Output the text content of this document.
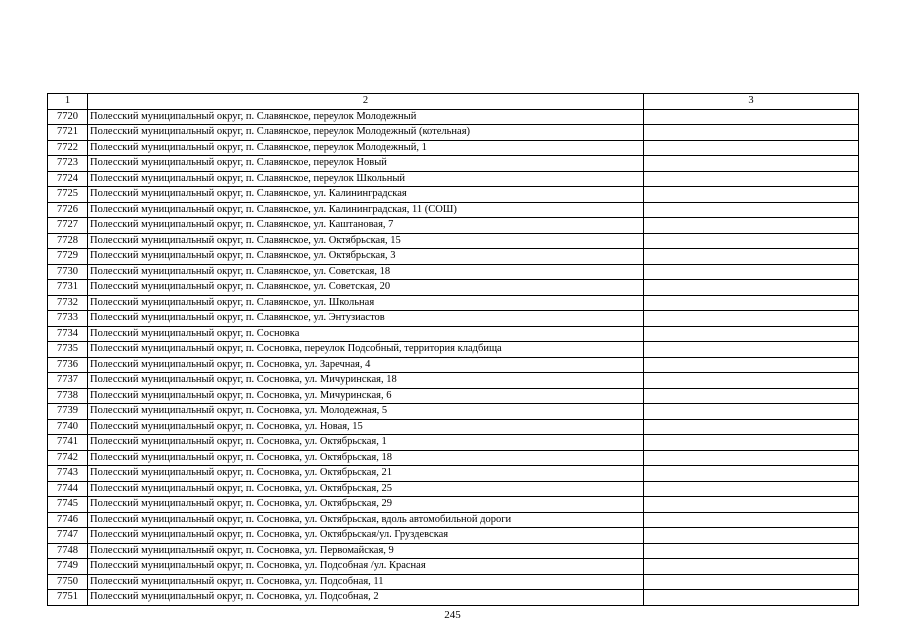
1	2	3
7720	Полесский муниципальный округ, п. Славянское, переулок Молодежный	
7721	Полесский муниципальный округ, п. Славянское, переулок Молодежный (котельная)	
7722	Полесский муниципальный округ, п. Славянское, переулок Молодежный, 1	
7723	Полесский муниципальный округ, п. Славянское, переулок Новый	
7724	Полесский муниципальный округ, п. Славянское, переулок Школьный	
7725	Полесский муниципальный округ, п. Славянское, ул. Калининградская	
7726	Полесский муниципальный округ, п. Славянское, ул. Калининградская, 11 (СОШ)	
7727	Полесский муниципальный округ, п. Славянское, ул. Каштановая, 7	
7728	Полесский муниципальный округ, п. Славянское, ул. Октябрьская, 15	
7729	Полесский муниципальный округ, п. Славянское, ул. Октябрьская, 3	
7730	Полесский муниципальный округ, п. Славянское, ул. Советская, 18	
7731	Полесский муниципальный округ, п. Славянское, ул. Советская, 20	
7732	Полесский муниципальный округ, п. Славянское, ул. Школьная	
7733	Полесский муниципальный округ, п. Славянское, ул. Энтузиастов	
7734	Полесский муниципальный округ, п. Сосновка	
7735	Полесский муниципальный округ, п. Сосновка, переулок Подсобный, территория кладбища	
7736	Полесский муниципальный округ, п. Сосновка, ул. Заречная, 4	
7737	Полесский муниципальный округ, п. Сосновка, ул. Мичуринская, 18	
7738	Полесский муниципальный округ, п. Сосновка, ул. Мичуринская, 6	
7739	Полесский муниципальный округ, п. Сосновка, ул. Молодежная, 5	
7740	Полесский муниципальный округ, п. Сосновка, ул. Новая, 15	
7741	Полесский муниципальный округ, п. Сосновка, ул. Октябрьская, 1	
7742	Полесский муниципальный округ, п. Сосновка, ул. Октябрьская, 18	
7743	Полесский муниципальный округ, п. Сосновка, ул. Октябрьская, 21	
7744	Полесский муниципальный округ, п. Сосновка, ул. Октябрьская, 25	
7745	Полесский муниципальный округ, п. Сосновка, ул. Октябрьская, 29	
7746	Полесский муниципальный округ, п. Сосновка, ул. Октябрьская, вдоль автомобильной дороги	
7747	Полесский муниципальный округ, п. Сосновка, ул. Октябрьская/ул. Груздевская	
7748	Полесский муниципальный округ, п. Сосновка, ул. Первомайская, 9	
7749	Полесский муниципальный округ, п. Сосновка, ул. Подсобная /ул. Красная	
7750	Полесский муниципальный округ, п. Сосновка, ул. Подсобная, 11	
7751	Полесский муниципальный округ, п. Сосновка, ул. Подсобная, 2	
245
